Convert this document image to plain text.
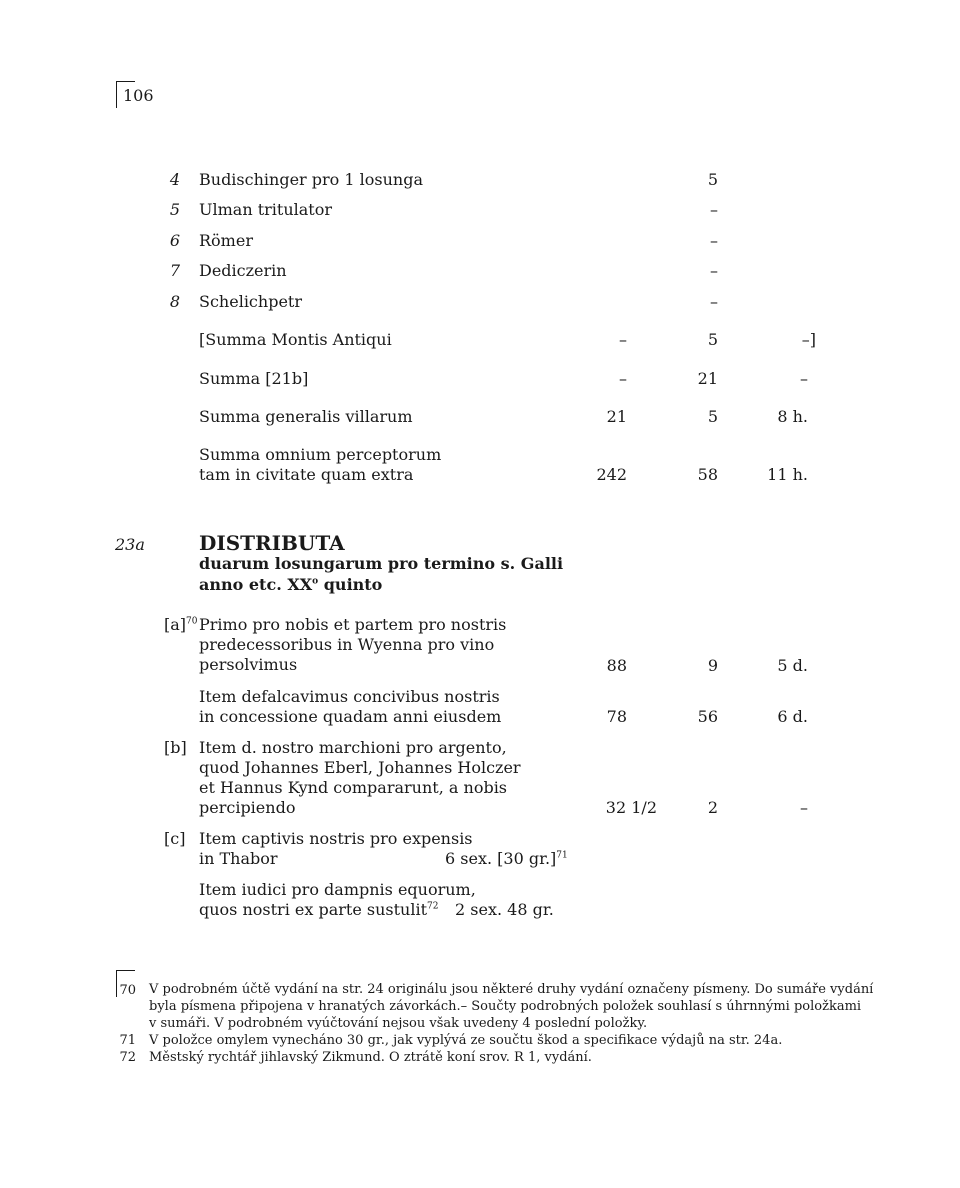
106
4 Budischinger pro 1 losunga	5
5 Ulman tritulator	–
6 Römer	–
7 Dediczerin	–
8 Schelichpetr	–
[Summa Montis Antiqui	–	5	–]
Summa [21b]	–	21	–
Summa generalis villarum	21	5	8 h.
Summa omnium perceptorum
tam in civitate quam extra	242	58	11 h.
23a	DISTRIBUTA
duarum losungarum pro termino s. Galli
anno etc. $XX^o$ quinto
$[a]^{70}$ Primo pro nobis et partem pro nostris
predecessoribus in Wyenna pro vino
persolvimus	88	9	5 d.
Item defalcavimus concivibus nostris
in concessione quadam anni eiusdem	78	56	6 d.
[b] Item d. nostro marchioni pro argento,
quod Johannes Eberl, Johannes Holczer
et Hannus Kynd compararunt, a nobis
percipiendo	32 1/2	2	–
[c] Item captivis nostris pro expensis
in Thabor	6 sex. [30 gr.]$^{71}$
Item iudici pro dampnis equorum,
quos nostri ex parte sustulit$^{72}$	2 sex. 48 gr.
70 V podrobném účtě vydání na str. 24 originálu jsou některé druhy vydání označeny písmeny. Do sumáře vydání
byla písmena připojena v hranatých závorkách.– Součty podrobných položek souhlasí s úhrnnými položkami
v sumáři. V podrobném vyúčtování nejsou však uvedeny 4 poslední položky.
71 V položce omylem vynecháno 30 gr., jak vyplývá ze součtu škod a specifikace výdajů na str. 24a.
72 Městský rychtář jihlavský Zikmund. O ztrátě koní srov. R 1, vydání.
